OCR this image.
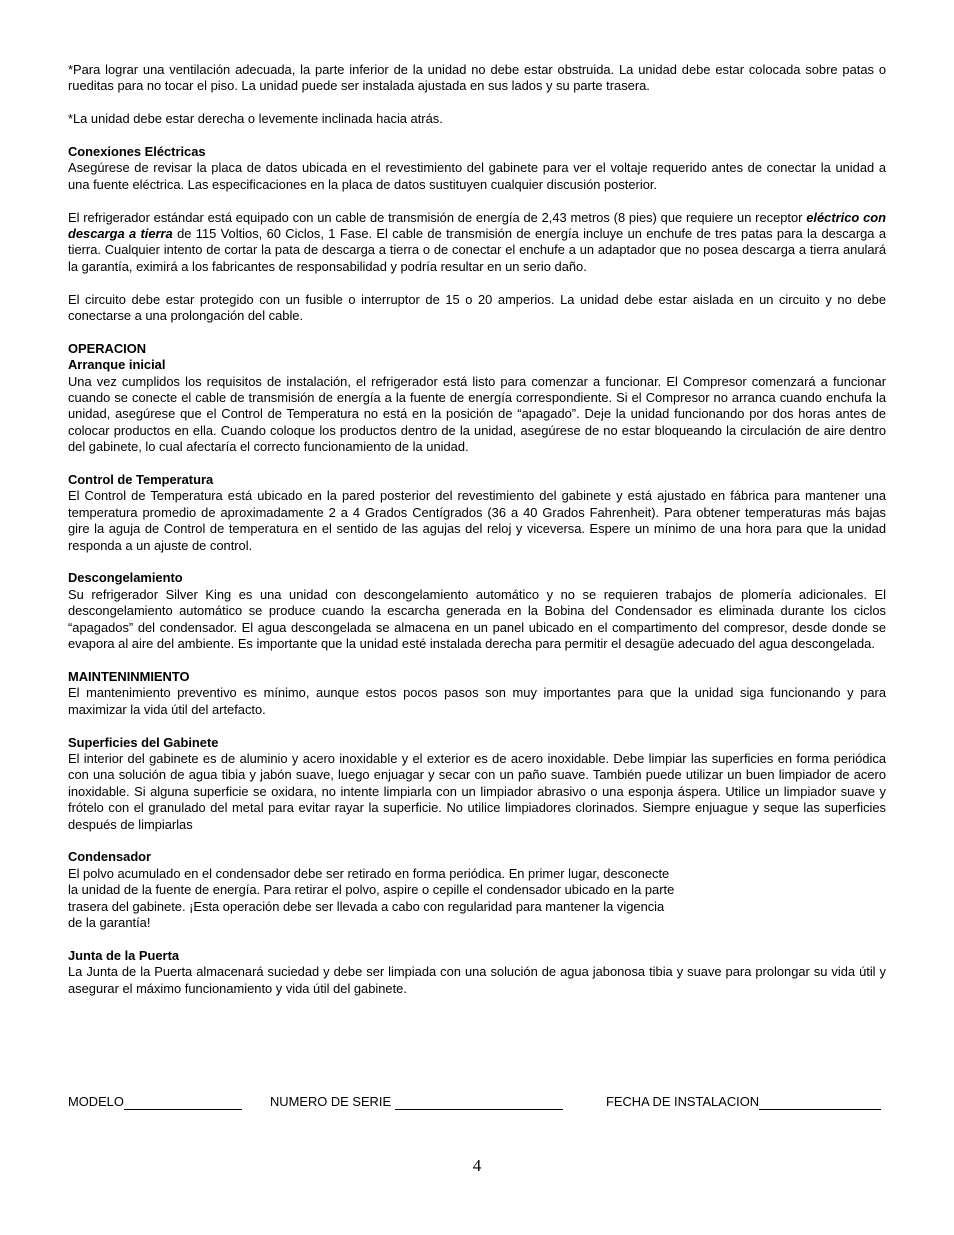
*Para lograr una ventilación adecuada, la parte inferior de la unidad no debe estar obstruida. La unidad debe estar colocada sobre patas o rueditas para no tocar el piso. La unidad puede ser instalada ajustada en sus lados y su parte trasera.

*La unidad debe estar derecha o levemente inclinada hacia atrás.

Conexiones Eléctricas

Asegúrese de revisar la placa de datos ubicada en el revestimiento del gabinete para ver el voltaje requerido antes de conectar la unidad a una fuente eléctrica. Las especificaciones en la placa de datos sustituyen cualquier discusión posterior.

El refrigerador estándar está equipado con un cable de transmisión de energía de 2,43 metros (8 pies) que requiere un receptor eléctrico con descarga a tierra de 115 Voltios, 60 Ciclos, 1 Fase. El cable de transmisión de energía incluye un enchufe de tres patas para la descarga a tierra. Cualquier intento de cortar la pata de descarga a tierra o de conectar el enchufe a un adaptador que no posea descarga a tierra anulará la garantía, eximirá a los fabricantes de responsabilidad y podría resultar en un serio daño.

El circuito debe estar protegido con un fusible o interruptor de 15 o 20 amperios. La unidad debe estar aislada en un circuito y no debe conectarse a una prolongación del cable.

OPERACION
Arranque inicial

Una vez cumplidos los requisitos de instalación, el refrigerador está listo para comenzar a funcionar. El Compresor comenzará a funcionar cuando se conecte el cable de transmisión de energía a la fuente de energía correspondiente. Si el Compresor no arranca cuando enchufa la unidad, asegúrese que el Control de Temperatura no está en la posición de “apagado”. Deje la unidad funcionando por dos horas antes de colocar productos en ella. Cuando coloque los productos dentro de la unidad, asegúrese de no estar bloqueando la circulación de aire dentro del gabinete, lo cual afectaría el correcto funcionamiento de la unidad.

Control de Temperatura

El Control de Temperatura está ubicado en la pared posterior del revestimiento del gabinete y está ajustado en fábrica para mantener una temperatura promedio de aproximadamente 2 a 4 Grados Centígrados (36 a 40 Grados Fahrenheit). Para obtener temperaturas más bajas gire la aguja de Control de temperatura en el sentido de las agujas del reloj y viceversa. Espere un mínimo de una hora para que la unidad responda a un ajuste de control.

Descongelamiento

Su refrigerador Silver King es una unidad con descongelamiento automático y no se requieren trabajos de plomería adicionales. El descongelamiento automático se produce cuando la escarcha generada en la Bobina del Condensador es eliminada durante los ciclos “apagados” del condensador. El agua descongelada se almacena en un panel ubicado en el compartimento del compresor, desde donde se evapora al aire del ambiente. Es importante que la unidad esté instalada derecha para permitir el desagüe adecuado del agua descongelada.

MAINTENINMIENTO

El mantenimiento preventivo es mínimo, aunque estos pocos pasos son muy importantes para que la unidad siga funcionando y para maximizar la vida útil del artefacto.

Superficies del Gabinete

El interior del gabinete es de aluminio y acero inoxidable y el exterior es de acero inoxidable. Debe limpiar las superficies en forma periódica con una solución de agua tibia y jabón suave, luego enjuagar y secar con un paño suave. También puede utilizar un buen limpiador de acero inoxidable. Si alguna superficie se oxidara, no intente limpiarla con un limpiador abrasivo o una esponja áspera. Utilice un limpiador suave y frótelo con el granulado del metal para evitar rayar la superficie. No utilice limpiadores clorinados. Siempre enjuague y seque las superficies después de limpiarlas

Condensador
El polvo acumulado en el condensador debe ser retirado en forma periódica. En primer lugar, desconecte
la unidad de la fuente de energía. Para retirar el polvo, aspire o cepille el condensador ubicado en la parte
trasera del gabinete. ¡Esta operación debe ser llevada a cabo con regularidad para mantener la vigencia
de la garantía!
Junta de la Puerta

La Junta de la Puerta almacenará suciedad y debe ser limpiada con una solución de agua jabonosa tibia y suave para prolongar su vida útil y asegurar el máximo funcionamiento y vida útil del gabinete.

MODELO	NUMERO DE SERIE	FECHA DE INSTALACION
4
